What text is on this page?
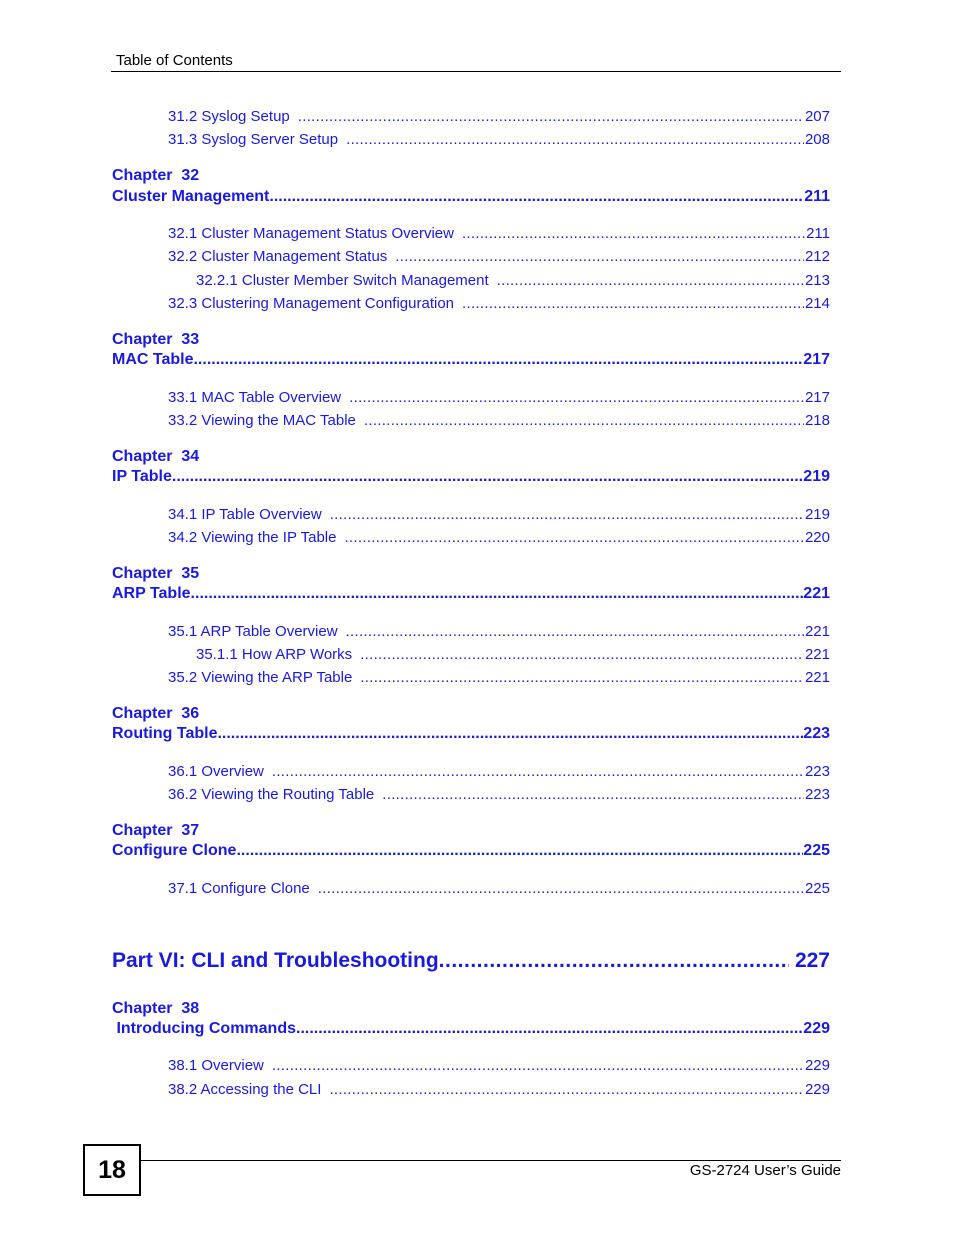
Table of Contents
31.2 Syslog Setup .....	207
31.3 Syslog Server Setup .....	208
Chapter  32
Cluster Management .....	211
32.1 Cluster Management Status Overview .....	211
32.2 Cluster Management Status .....	212
32.2.1 Cluster Member Switch Management .....	213
32.3 Clustering Management Configuration .....	214
Chapter  33
MAC Table .....	217
33.1 MAC Table Overview .....	217
33.2 Viewing the MAC Table .....	218
Chapter  34
IP Table .....	219
34.1 IP Table Overview .....	219
34.2 Viewing the IP Table .....	220
Chapter  35
ARP Table .....	221
35.1 ARP Table Overview .....	221
35.1.1 How ARP Works .....	221
35.2 Viewing the ARP Table .....	221
Chapter  36
Routing Table .....	223
36.1 Overview .....	223
36.2 Viewing the Routing Table .....	223
Chapter  37
Configure Clone .....	225
37.1 Configure Clone .....	225
Part VI: CLI and Troubleshooting .....	227
Chapter  38
Introducing Commands .....	229
38.1 Overview .....	229
38.2 Accessing the CLI .....	229
18	GS-2724 User’s Guide
